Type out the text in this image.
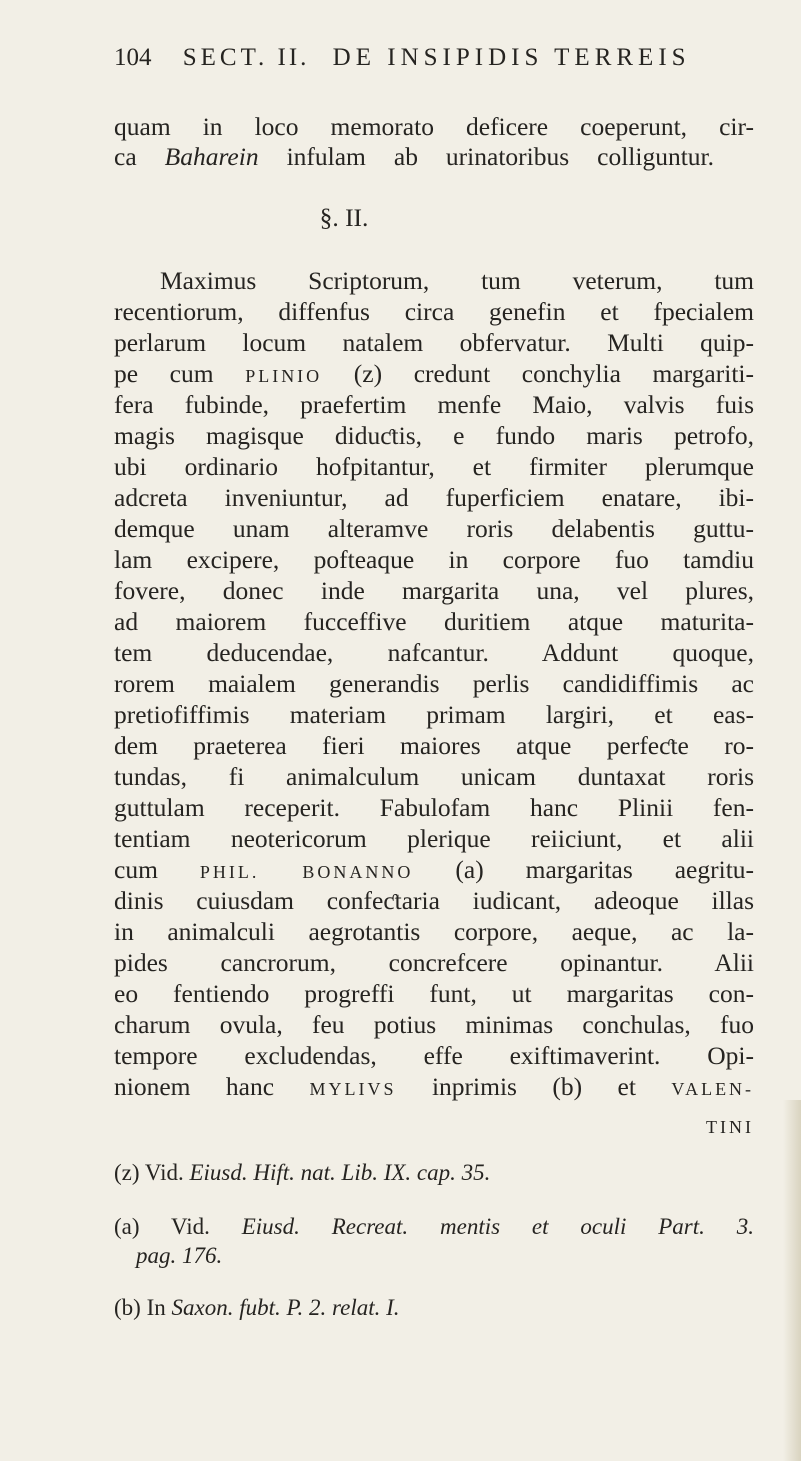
104 SECT. II. DE INSIPIDIS TERREIS
quam in loco memorato deficere coeperunt, cir-
ca Baharein infulam ab urinatoribus colliguntur.
§. II.
Maximus Scriptorum, tum veterum, tum
recentiorum, diffenfus circa genefin et fpecialem
perlarum locum natalem obfervatur. Multi quip-
pe cum PLINIO (z) credunt conchylia margariti-
fera fubinde, praefertim menfe Maio, valvis fuis
magis magisque diduƈtis, e fundo maris petrofo,
ubi ordinario hofpitantur, et firmiter plerumque
adcreta inveniuntur, ad fuperficiem enatare, ibi-
demque unam alteramve roris delabentis guttu-
lam excipere, pofteaque in corpore fuo tamdiu
fovere, donec inde margarita una, vel plures,
ad maiorem fucceffive duritiem atque maturita-
tem deducendae, nafcantur. Addunt quoque,
rorem maialem generandis perlis candidiffimis ac
pretiofiffimis materiam primam largiri, et eas-
dem praeterea fieri maiores atque perfeƈte ro-
tundas, fi animalculum unicam duntaxat roris
guttulam receperit. Fabulofam hanc Plinii fen-
tentiam neotericorum plerique reiiciunt, et alii
cum PHIL. BONANNO (a) margaritas aegritu-
dinis cuiusdam confeƈtaria iudicant, adeoque illas
in animalculi aegrotantis corpore, aeque, ac la-
pides cancrorum, concrefcere opinantur. Alii
eo fentiendo progreffi funt, ut margaritas con-
charum ovula, feu potius minimas conchulas, fuo
tempore excludendas, effe exiftimaverint. Opi-
nionem hanc MYLIVS inprimis (b) et VALEN-
TINI
(z) Vid. Eiusd. Hift. nat. Lib. IX. cap. 35.
(a) Vid. Eiusd. Recreat. mentis et oculi Part. 3.
pag. 176.
(b) In Saxon. fubt. P. 2. relat. I.
